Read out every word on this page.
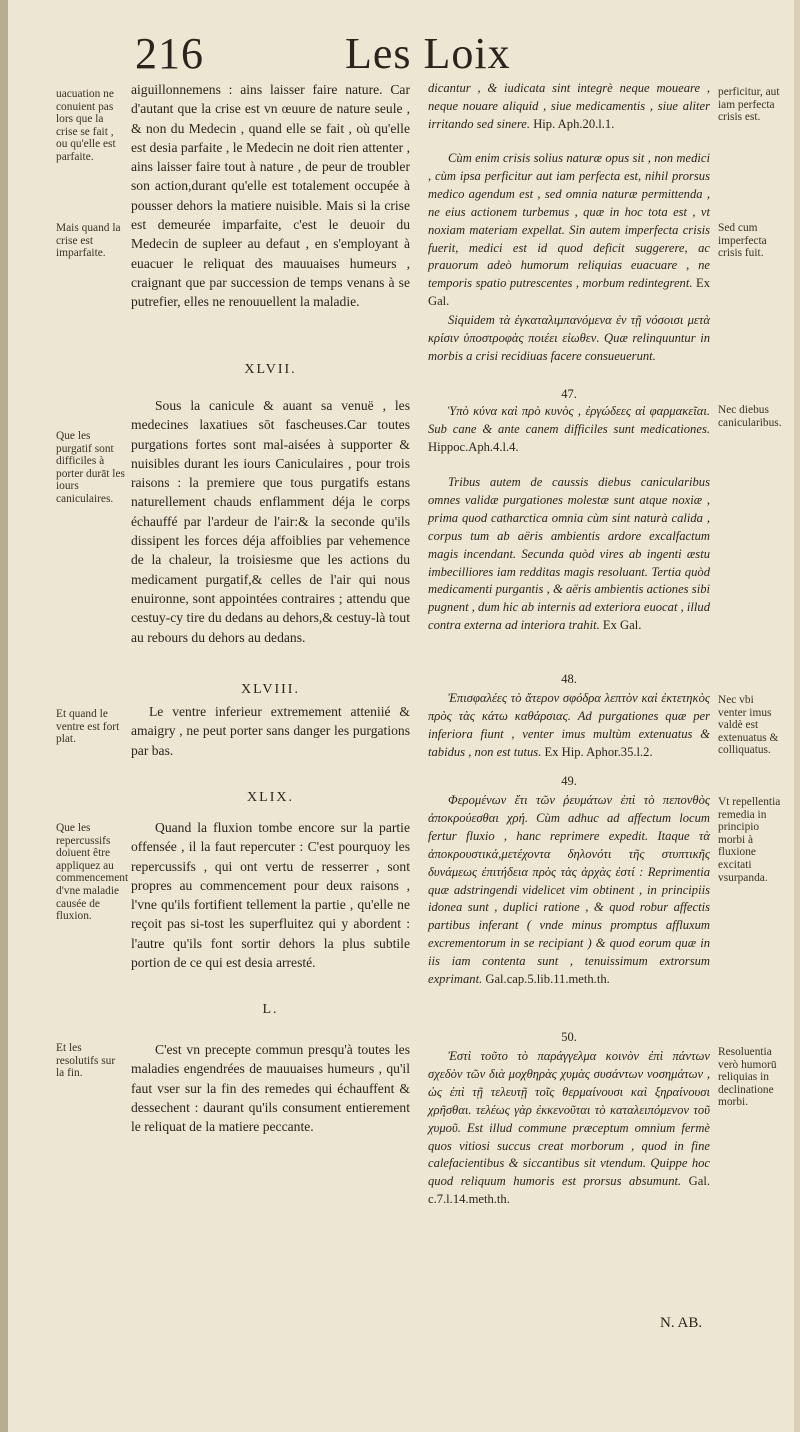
216	Les Loix
uacuation ne conuient pas lors que la crise se fait , ou qu'elle est parfaite.
Mais quand la crise est imparfaite.
Que les purgatif sont difficiles à porter durāt les iours caniculaires.
Et quand le ventre est fort plat.
Que les repercussifs doiuent être appliquez au commencement d'vne maladie causée de fluxion.
Et les resolutifs sur la fin.
aiguillonnemens : ains laisser faire nature. Car d'autant que la crise est vn œuure de nature seule , & non du Medecin , quand elle se fait , où qu'elle est desia parfaite , le Medecin ne doit rien attenter , ains laisser faire tout à nature , de peur de troubler son action,durant qu'elle est totalement occupée à pousser dehors la matiere nuisible. Mais si la crise est demeurée imparfaite, c'est le deuoir du Medecin de supleer au defaut , en s'employant à euacuer le reliquat des mauuaises humeurs , craignant que par succession de temps venans à se putrefier, elles ne renouuellent la maladie.
XLVII.
Sous la canicule & auant sa venuë , les medecines laxatiues sōt fascheuses.Car toutes purgations fortes sont mal-aisées à supporter & nuisibles durant les iours Caniculaires , pour trois raisons : la premiere que tous purgatifs estans naturellement chauds enflamment déja le corps échauffé par l'ardeur de l'air:& la seconde qu'ils dissipent les forces déja affoiblies par vehemence de la chaleur, la troisiesme que les actions du medicament purgatif,& celles de l'air qui nous enuironne, sont appointées contraires ; attendu que cestuy-cy tire du dedans au dehors,& cestuy-là tout au rebours du dehors au dedans.
XLVIII.
Le ventre inferieur extremement atteniié & amaigry , ne peut porter sans danger les purgations par bas.
XLIX.
Quand la fluxion tombe encore sur la partie offensée , il la faut repercuter : C'est pourquoy les repercussifs , qui ont vertu de resserrer , sont propres au commencement pour deux raisons , l'vne qu'ils fortifient tellement la partie , qu'elle ne reçoit pas si-tost les superfluitez qui y abordent : l'autre qu'ils font sortir dehors la plus subtile portion de ce qui est desia arresté.
L.
C'est vn precepte commun presqu'à toutes les maladies engendrées de mauuaises humeurs , qu'il faut vser sur la fin des remedes qui échauffent & dessechent : daurant qu'ils consument entierement le reliquat de la matiere peccante.
dicantur , & iudicata sint integrè neque moueare , neque nouare aliquid , siue medicamentis , siue aliter irritando sed sinere. Hip. Aph.20.l.1.
Cùm enim crisis solius naturæ opus sit , non medici , cùm ipsa perficitur aut iam perfecta est, nihil prorsus medico agendum est , sed omnia naturæ permittenda , ne eius actionem turbemus , quæ in hoc tota est , vt noxiam materiam expellat. Sin autem imperfecta crisis fuerit, medici est id quod deficit suggerere, ac prauorum adeò humorum reliquias euacuare , ne temporis spatio putrescentes , morbum redintegrent. Ex Gal.
Siquidem τὰ ἐγκαταλιμπανόμενα ἐν τῇ νόσοισι μετὰ κρίσιν ὑποστροφὰς ποιέει εἰωθεν. Quæ relinquuntur in morbis a crisi recidiuas facere consueuerunt.
47.
Ὑπὸ κύνα καὶ πρὸ κυνὸς , ἐργώδεες αἱ φαρμακεῖαι. Sub cane & ante canem difficiles sunt medicationes. Hippoc.Aph.4.l.4.
Tribus autem de caussis diebus canicularibus omnes validæ purgationes molestæ sunt atque noxiæ , prima quod catharctica omnia cùm sint naturà calida , corpus tum ab aëris ambientis ardore excalfactum magis incendant. Secunda quòd vires ab ingenti æstu imbecilliores iam redditas magis resoluant. Tertia quòd medicamenti purgantis , & aëris ambientis actiones sibi pugnent , dum hic ab internis ad exteriora euocat , illud contra externa ad interiora trahit. Ex Gal.
48.
Ἐπισφαλέες τὸ ἄτερον σφόδρα λεπτὸν καὶ ἐκτετηκὸς πρὸς τὰς κάτω καθάρσιας. Ad purgationes quæ per inferiora fiunt , venter imus multùm extenuatus & tabidus , non est tutus. Ex Hip. Aphor.35.l.2.
49.
Φερομένων ἔτι τῶν ῥευμάτων ἐπὶ τὸ πεπονθὸς ἀποκρούεσθαι χρή. Cùm adhuc ad affectum locum fertur fluxio , hanc reprimere expedit. Itaque τὰ ἀποκρουστικά,μετέχοντα δηλονότι τῆς στυπτικῆς δυνάμεως ἐπιτήδεια πρὸς τὰς ἀρχὰς ἐστί : Reprimentia quæ adstringendi videlicet vim obtinent , in principiis idonea sunt , duplici ratione , & quod robur affectis partibus inferant ( vnde minus promptus affluxum excrementorum in se recipiant ) & quod eorum quæ in iis iam contenta sunt , tenuissimum extrorsum exprimant. Gal.cap.5.lib.11.meth.th.
50.
Ἐστὶ τοῦτο τὸ παράγγελμα κοινὸν ἐπὶ πάντων σχεδὸν τῶν διὰ μοχθηρὰς χυμὰς συσάντων νοσημάτων , ὡς ἐπὶ τῇ τελευτῇ τοῖς θερμαίνουσι καὶ ξηραίνουσι χρῆσθαι. τελέως γὰρ ἐκκενοῦται τὸ καταλειπόμενον τοῦ χυμοῦ. Est illud commune præceptum omnium fermè quos vitiosi succus creat morborum , quod in fine calefacientibus & siccantibus sit vtendum. Quippe hoc quod reliquum humoris est prorsus absumunt. Gal. c.7.l.14.meth.th.
perficitur, aut iam perfecta crisis est.
Sed cum imperfecta crisis fuit.
Nec diebus canicularibus.
Nec vbi venter imus valdè est extenuatus & colliquatus.
Vt repellentia remedia in principio morbi à fluxione excitati vsurpanda.
Resoluentia verò humorū reliquias in declinatione morbi.
N. AB.
